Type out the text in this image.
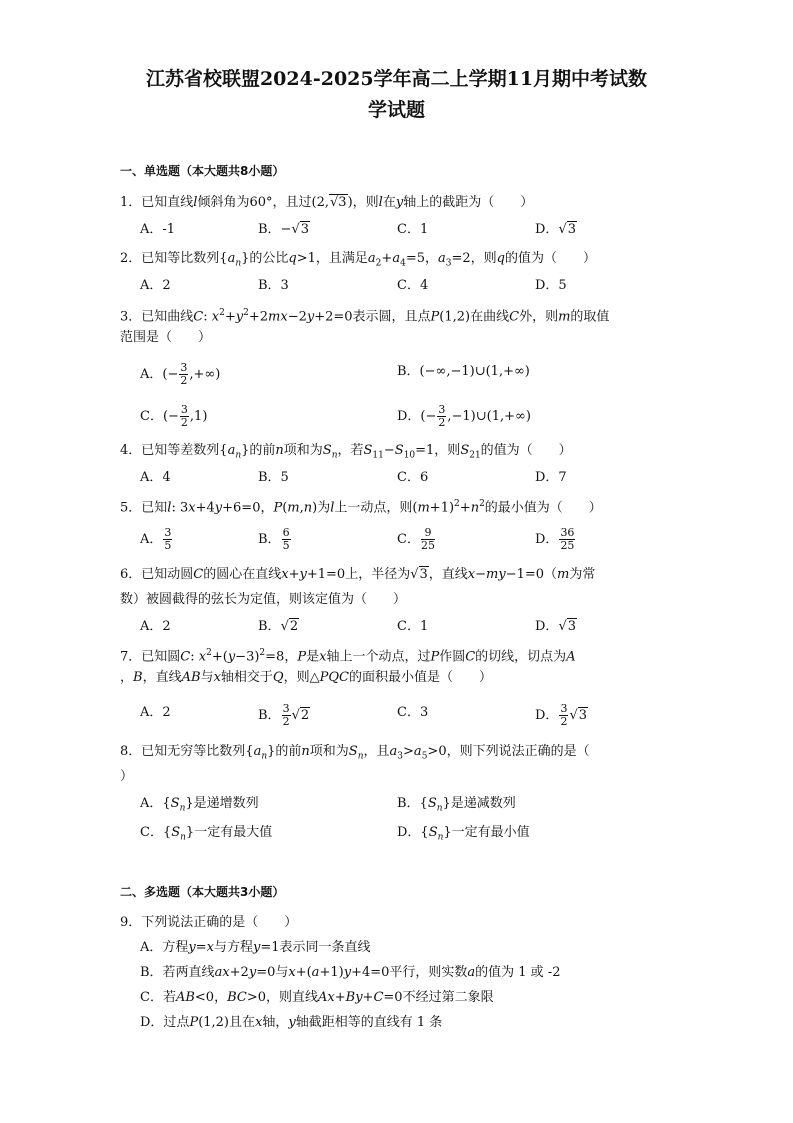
江苏省校联盟2024-2025学年高二上学期11月期中考试数
学试题
一、单选题（本大题共8小题）
1．已知直线l倾斜角为60°，且过(2,√3)，则l在y轴上的截距为（　　）
A．-1	B．−√3	C．1	D．√3
2．已知等比数列$\{a_n\}$的公比q>1，且满足$a_2+a_4=5$，$a_3=2$，则q的值为（　　）
A．2	B．3	C．4	D．5
3．已知曲线C: $x^2+y^2+2mx-2y+2=0$表示圆，且点P(1,2)在曲线C外，则m的取值
范围是（　　）
A．(− $\frac{3}{2}$ ,+∞)	B．(−∞,−1)∪(1,+∞)
C．(− $\frac{3}{2} ,1$)	D．(− $\frac{3}{2}$ ,−1)∪(1,+∞)
4．已知等差数列$\{a_n\}$的前n项和为$S_n$，若$S_{11}-S_{10}=1$，则$S_{21}$的值为（　　）
A．4	B．5	C．6	D．7
5．已知l: 3x+4y+6=0，P(m,n)为l上一动点，则$(m+1)^2+n^2$的最小值为（　　）
A． $\frac{3}{5}$	B． $\frac{6}{5}$	C． $\frac{9}{25}$	D． $\frac{36}{25}$
6．已知动圆C的圆心在直线x+y+1=0上，半径为√3，直线x−my−1=0（m为常
数）被圆截得的弦长为定值，则该定值为（　　）
A．2	B．√2	C．1	D．√3
7．已知圆C: $x^2+(y-3)^2=8$，P是x轴上一个动点，过P作圆C的切线，切点为A
，B，直线AB与x轴相交于Q，则△PQC的面积最小值是（　　）
A．2	B． $\frac{3}{2} √2$	C．3	D． $\frac{3}{2} √3$
8．已知无穷等比数列$\{a_n\}$的前n项和为$S_n$，且$a_3>a_5>0$，则下列说法正确的是（
）
A．$\{S_n\}$是递增数列	B．$\{S_n\}$是递减数列
C．$\{S_n\}$一定有最大值	D．$\{S_n\}$一定有最小值
二、多选题（本大题共3小题）
9．下列说法正确的是（　　）
A．方程y=x与方程y=1表示同一条直线
B．若两直线ax+2y=0与x+(a+1)y+4=0平行，则实数a的值为 1 或 -2
C．若AB<0，BC>0，则直线Ax+By+C=0不经过第二象限
D．过点P(1,2)且在x轴，y轴截距相等的直线有 1 条
